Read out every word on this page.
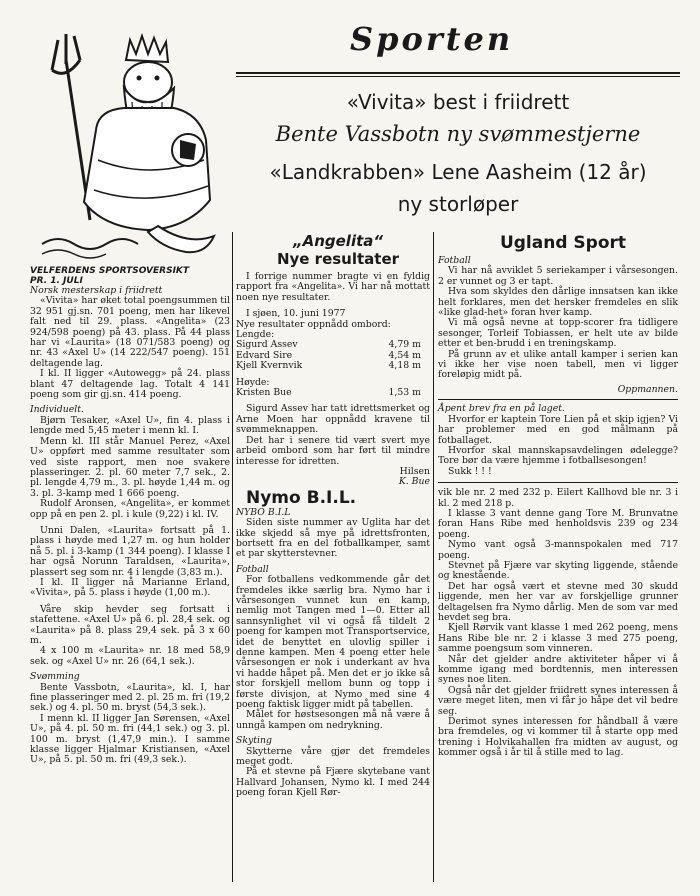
Sporten
«Vivita» best i friidrett
Bente Vassbotn ny svømmestjerne
«Landkrabben» Lene Aasheim (12 år)
ny storløper

VELFERDENS SPORTSOVERSIKT

PR. 1. JULI

Norsk mesterskap i friidrett

«Vivita» har øket total poengsummen til 32 951 gj.sn. 701 poeng, men har likevel falt ned til 29. plass. «Angelita» (23 924/598 poeng) på 43. plass. På 44 plass har vi «Laurita» (18 071/583 poeng) og nr. 43 «Axel U» (14 222/547 poeng). 151 deltagende lag.

I kl. II ligger «Autowegg» på 24. plass blant 47 deltagende lag. Totalt 4 141 poeng som gir gj.sn. 414 poeng.

Individuelt.

Bjørn Tesaker, «Axel U», fin 4. plass i lengde med 5,45 meter i menn kl. I.

Menn kl. III står Manuel Perez, «Axel U» oppført med samme resultater som ved siste rapport, men noe svakere plasseringer. 2. pl. 60 meter 7,7 sek., 2. pl. lengde 4,79 m., 3. pl. høyde 1,44 m. og 3. pl. 3-kamp med 1 666 poeng.

Rudolf Aronsen, «Angelita», er kommet opp på en pen 2. pl. i kule (9,22) i kl. IV.

Unni Dalen, «Laurita» fortsatt på 1. plass i høyde med 1,27 m. og hun holder nå 5. pl. i 3-kamp (1 344 poeng). I klasse I har også Norunn Taraldsen, «Laurita», plassert seg som nr. 4 i lengde (3,83 m.).

I kl. II ligger nå Marianne Erland, «Vivita», på 5. plass i høyde (1,00 m.).

Våre skip hevder seg fortsatt i stafettene. «Axel U» på 6. pl. 28,4 sek. og «Laurita» på 8. plass 29,4 sek. på 3 x 60 m.

4 x 100 m «Laurita» nr. 18 med 58,9 sek. og «Axel U» nr. 26 (64,1 sek.).

Svømming

Bente Vassbotn, «Laurita», kl. I, har fine plasseringer med 2. pl. 25 m. fri (19,2 sek.) og 4. pl. 50 m. bryst (54,3 sek.).

I menn kl. II ligger Jan Sørensen, «Axel U», på 4. pl. 50 m. fri (44,1 sek.) og 3. pl. 100 m. bryst (1,47,9 min.). I samme klasse ligger Hjalmar Kristiansen, «Axel U», på 5. pl. 50 m. fri (49,3 sek.).

„Angelita“

Nye resultater

I forrige nummer bragte vi en fyldig rapport fra «Angelita». Vi har nå mottatt noen nye resultater.

I sjøen, 10. juni 1977

Nye resultater oppnådd ombord:

Lengde:

Sigurd Assev	4,79 m
Edvard Sire	4,54 m
Kjell Kvernvik	4,18 m

Høyde:

Kristen Bue	1,53 m

Sigurd Assev har tatt idrettsmerket og Arne Moen har oppnådd kravene til svømmeknappen.

Det har i senere tid vært svert mye arbeid ombord som har ført til mindre interesse for idretten.

Hilsen

K. Bue

Nymo B.I.L.

NYBO B.I.L

Siden siste nummer av Uglita har det ikke skjedd så mye på idrettsfronten, bortsett fra en del fotballkamper, samt et par skytterstevner.

Fotball

For fotballens vedkommende går det fremdeles ikke særlig bra. Nymo har i vårsesongen vunnet kun en kamp, nemlig mot Tangen med 1—0. Etter all sannsynlighet vil vi også få tildelt 2 poeng for kampen mot Transportservice, idet de benyttet en ulovlig spiller i denne kampen. Men 4 poeng etter hele vårsesongen er nok i underkant av hva vi hadde håpet på. Men det er jo ikke så stor forskjell mellom bunn og topp i første divisjon, at Nymo med sine 4 poeng faktisk ligger midt på tabellen.

Målet for høstsesongen må nå være å unngå kampen om nedrykning.

Skyting

Skytterne våre gjør det fremdeles meget godt.

På et stevne på Fjære skytebane vant Hallvard Johansen, Nymo kl. I med 244 poeng foran Kjell Rør-

Ugland Sport

Fotball

Vi har nå avviklet 5 seriekamper i vårsesongen. 2 er vunnet og 3 er tapt.

Hva som skyldes den dårlige innsatsen kan ikke helt forklares, men det hersker fremdeles en slik «like glad-het» foran hver kamp.

Vi må også nevne at topp-scorer fra tidligere sesonger, Torleif Tobiassen, er helt ute av bilde etter et ben-brudd i en treningskamp.

På grunn av et ulike antall kamper i serien kan vi ikke her vise noen tabell, men vi ligger foreløpig midt på.

Oppmannen.

Åpent brev fra en på laget.

Hvorfor er kaptein Tore Lien på et skip igjen? Vi har problemer med en god målmann på fotballaget.

Hvorfor skal mannskapsavdelingen ødelegge? Tore bør da være hjemme i fotballsesongen!

Sukk ! ! !

vik ble nr. 2 med 232 p. Eilert Kallhovd ble nr. 3 i kl. 2 med 218 p.

I klasse 3 vant denne gang Tore M. Brunvatne foran Hans Ribe med henholdsvis 239 og 234 poeng.

Nymo vant også 3-mannspokalen med 717 poeng.

Stevnet på Fjære var skyting liggende, stående og knestående.

Det har også vært et stevne med 30 skudd liggende, men her var av forskjellige grunner deltagelsen fra Nymo dårlig. Men de som var med hevdet seg bra.

Kjell Rørvik vant klasse 1 med 262 poeng, mens Hans Ribe ble nr. 2 i klasse 3 med 275 poeng, samme poengsum som vinneren.

Når det gjelder andre aktiviteter håper vi å komme igang med bordtennis, men interessen synes noe liten.

Også når det gjelder friidrett synes interessen å være meget liten, men vi får jo håpe det vil bedre seg.

Derimot synes interessen for håndball å være bra fremdeles, og vi kommer til å starte opp med trening i Holvikahallen fra midten av august, og kommer også i år til å stille med to lag.
